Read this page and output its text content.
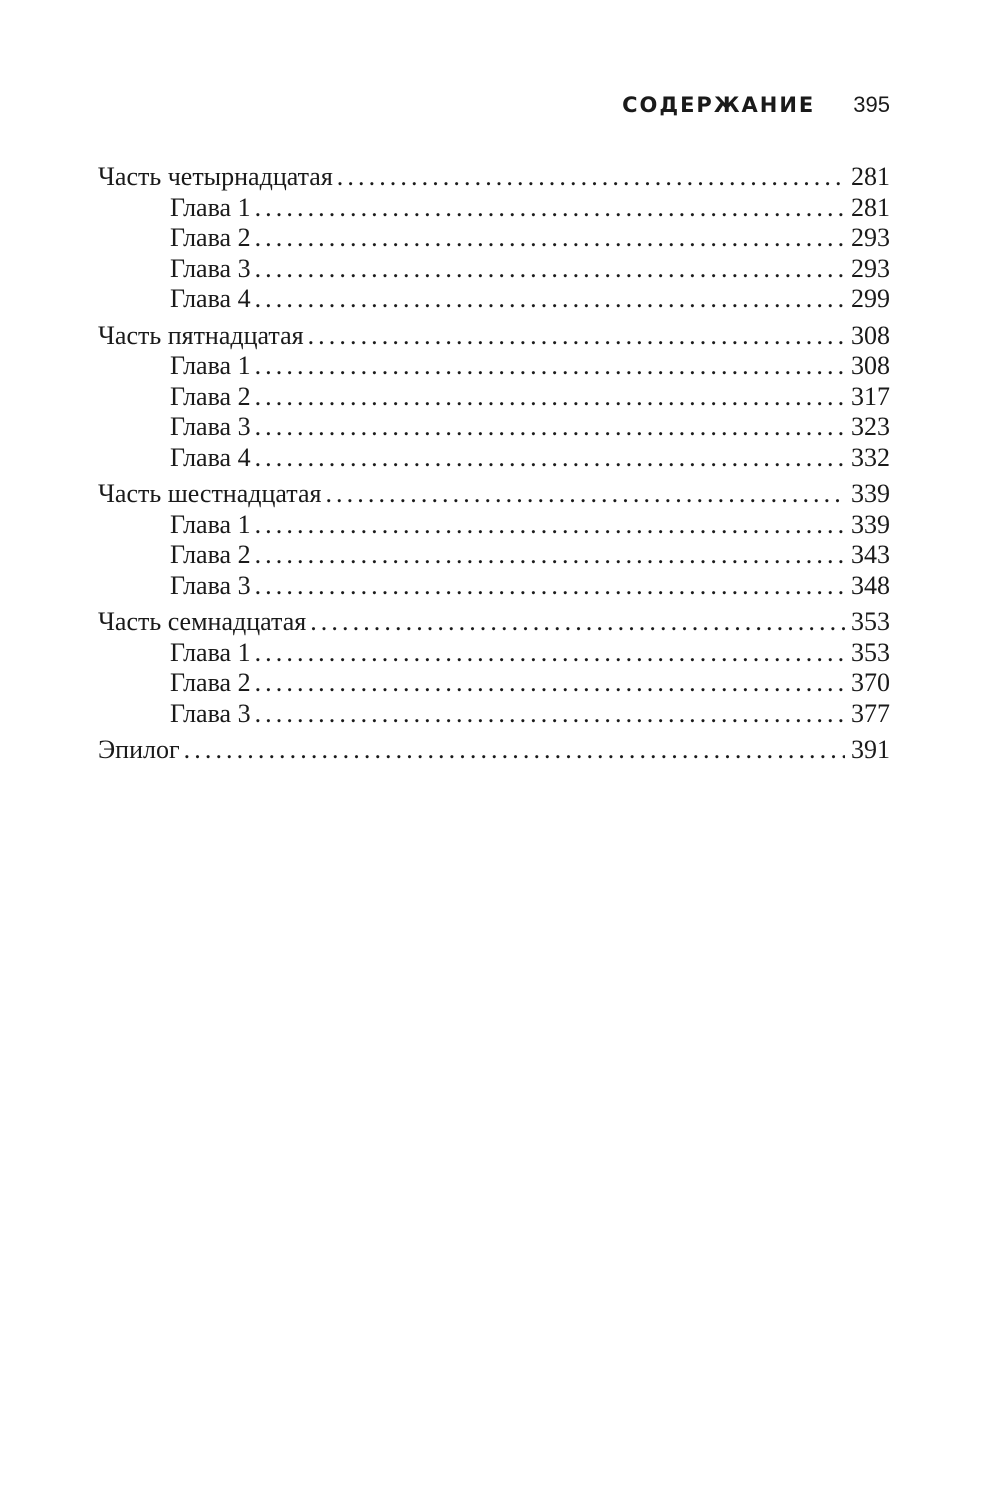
СОДЕРЖАНИЕ 395
Часть четырнадцатая . . .	281
Глава 1 . . .	281
Глава 2 . . .	293
Глава 3 . . .	293
Глава 4 . . .	299
Часть пятнадцатая . . .	308
Глава 1 . . .	308
Глава 2 . . .	317
Глава 3 . . .	323
Глава 4 . . .	332
Часть шестнадцатая . . .	339
Глава 1 . . .	339
Глава 2 . . .	343
Глава 3 . . .	348
Часть семнадцатая . . .	353
Глава 1 . . .	353
Глава 2 . . .	370
Глава 3 . . .	377
Эпилог . . .	391
